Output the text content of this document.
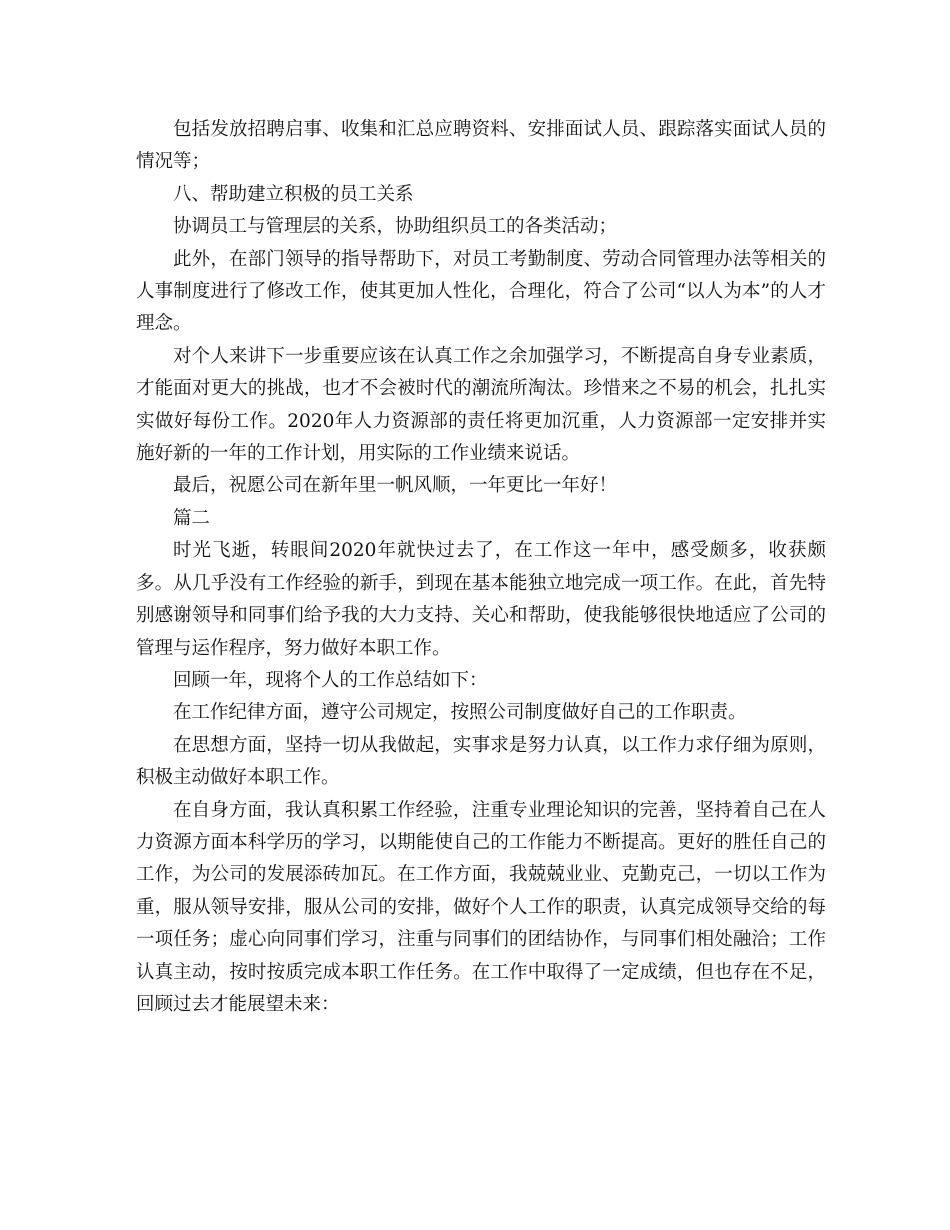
包括发放招聘启事、收集和汇总应聘资料、安排面试人员、跟踪落实面试人员的情况等；

八、帮助建立积极的员工关系

协调员工与管理层的关系，协助组织员工的各类活动；

此外，在部门领导的指导帮助下，对员工考勤制度、劳动合同管理办法等相关的人事制度进行了修改工作，使其更加人性化，合理化，符合了公司“以人为本”的人才理念。

对个人来讲下一步重要应该在认真工作之余加强学习，不断提高自身专业素质，才能面对更大的挑战，也才不会被时代的潮流所淘汰。珍惜来之不易的机会，扎扎实实做好每份工作。2020年人力资源部的责任将更加沉重，人力资源部一定安排并实施好新的一年的工作计划，用实际的工作业绩来说话。

最后，祝愿公司在新年里一帆风顺，一年更比一年好！

篇二

时光飞逝，转眼间2020年就快过去了，在工作这一年中，感受颇多，收获颇多。从几乎没有工作经验的新手，到现在基本能独立地完成一项工作。在此，首先特别感谢领导和同事们给予我的大力支持、关心和帮助，使我能够很快地适应了公司的管理与运作程序，努力做好本职工作。

回顾一年，现将个人的工作总结如下：

在工作纪律方面，遵守公司规定，按照公司制度做好自己的工作职责。

在思想方面，坚持一切从我做起，实事求是努力认真，以工作力求仔细为原则，积极主动做好本职工作。

在自身方面，我认真积累工作经验，注重专业理论知识的完善，坚持着自己在人力资源方面本科学历的学习，以期能使自己的工作能力不断提高。更好的胜任自己的工作，为公司的发展添砖加瓦。在工作方面，我兢兢业业、克勤克己，一切以工作为重，服从领导安排，服从公司的安排，做好个人工作的职责，认真完成领导交给的每一项任务；虚心向同事们学习，注重与同事们的团结协作，与同事们相处融洽；工作认真主动，按时按质完成本职工作任务。在工作中取得了一定成绩，但也存在不足，回顾过去才能展望未来：
